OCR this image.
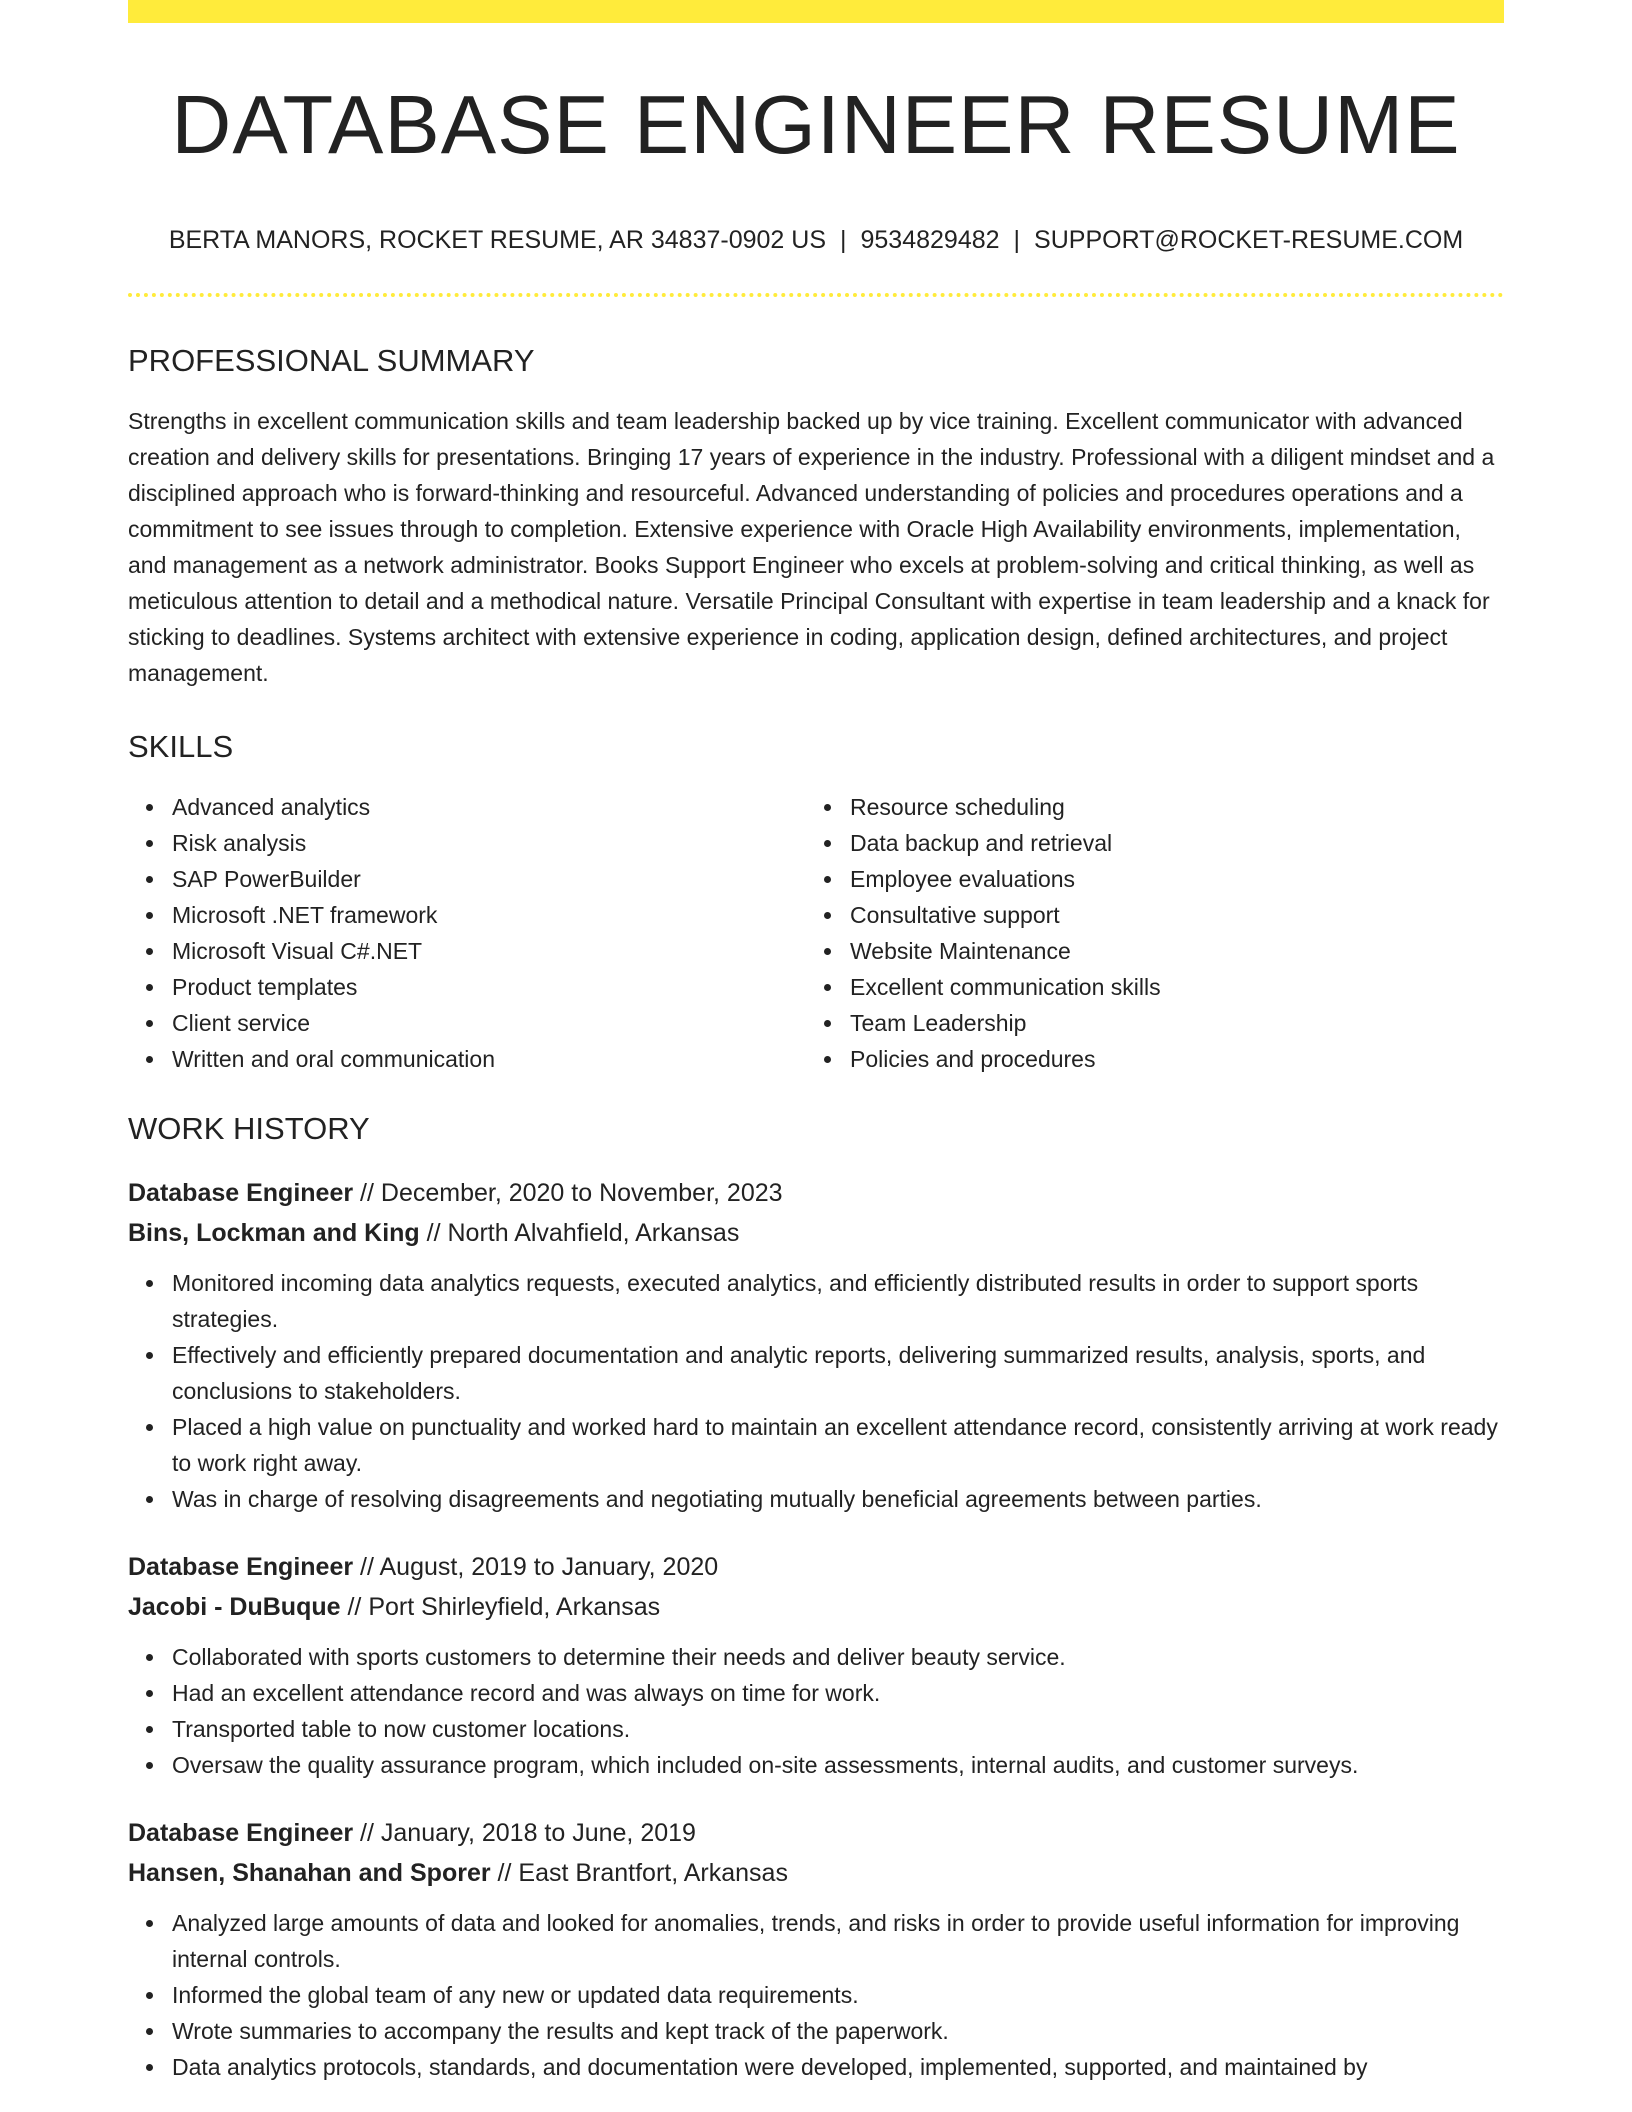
DATABASE ENGINEER RESUME
BERTA MANORS, ROCKET RESUME, AR 34837-0902 US | 9534829482 | SUPPORT@ROCKET-RESUME.COM
PROFESSIONAL SUMMARY

Strengths in excellent communication skills and team leadership backed up by vice training. Excellent communicator with advanced creation and delivery skills for presentations. Bringing 17 years of experience in the industry. Professional with a diligent mindset and a disciplined approach who is forward-thinking and resourceful. Advanced understanding of policies and procedures operations and a commitment to see issues through to completion. Extensive experience with Oracle High Availability environments, implementation, and management as a network administrator. Books Support Engineer who excels at problem-solving and critical thinking, as well as meticulous attention to detail and a methodical nature. Versatile Principal Consultant with expertise in team leadership and a knack for sticking to deadlines. Systems architect with extensive experience in coding, application design, defined architectures, and project management.

SKILLS
Advanced analytics
Risk analysis
SAP PowerBuilder
Microsoft .NET framework
Microsoft Visual C#.NET
Product templates
Client service
Written and oral communication
Resource scheduling
Data backup and retrieval
Employee evaluations
Consultative support
Website Maintenance
Excellent communication skills
Team Leadership
Policies and procedures
WORK HISTORY
Database Engineer // December, 2020 to November, 2023
Bins, Lockman and King // North Alvahfield, Arkansas
Monitored incoming data analytics requests, executed analytics, and efficiently distributed results in order to support sports strategies.
Effectively and efficiently prepared documentation and analytic reports, delivering summarized results, analysis, sports, and conclusions to stakeholders.
Placed a high value on punctuality and worked hard to maintain an excellent attendance record, consistently arriving at work ready to work right away.
Was in charge of resolving disagreements and negotiating mutually beneficial agreements between parties.
Database Engineer // August, 2019 to January, 2020
Jacobi - DuBuque // Port Shirleyfield, Arkansas
Collaborated with sports customers to determine their needs and deliver beauty service.
Had an excellent attendance record and was always on time for work.
Transported table to now customer locations.
Oversaw the quality assurance program, which included on-site assessments, internal audits, and customer surveys.
Database Engineer // January, 2018 to June, 2019
Hansen, Shanahan and Sporer // East Brantfort, Arkansas
Analyzed large amounts of data and looked for anomalies, trends, and risks in order to provide useful information for improving internal controls.
Informed the global team of any new or updated data requirements.
Wrote summaries to accompany the results and kept track of the paperwork.
Data analytics protocols, standards, and documentation were developed, implemented, supported, and maintained by
